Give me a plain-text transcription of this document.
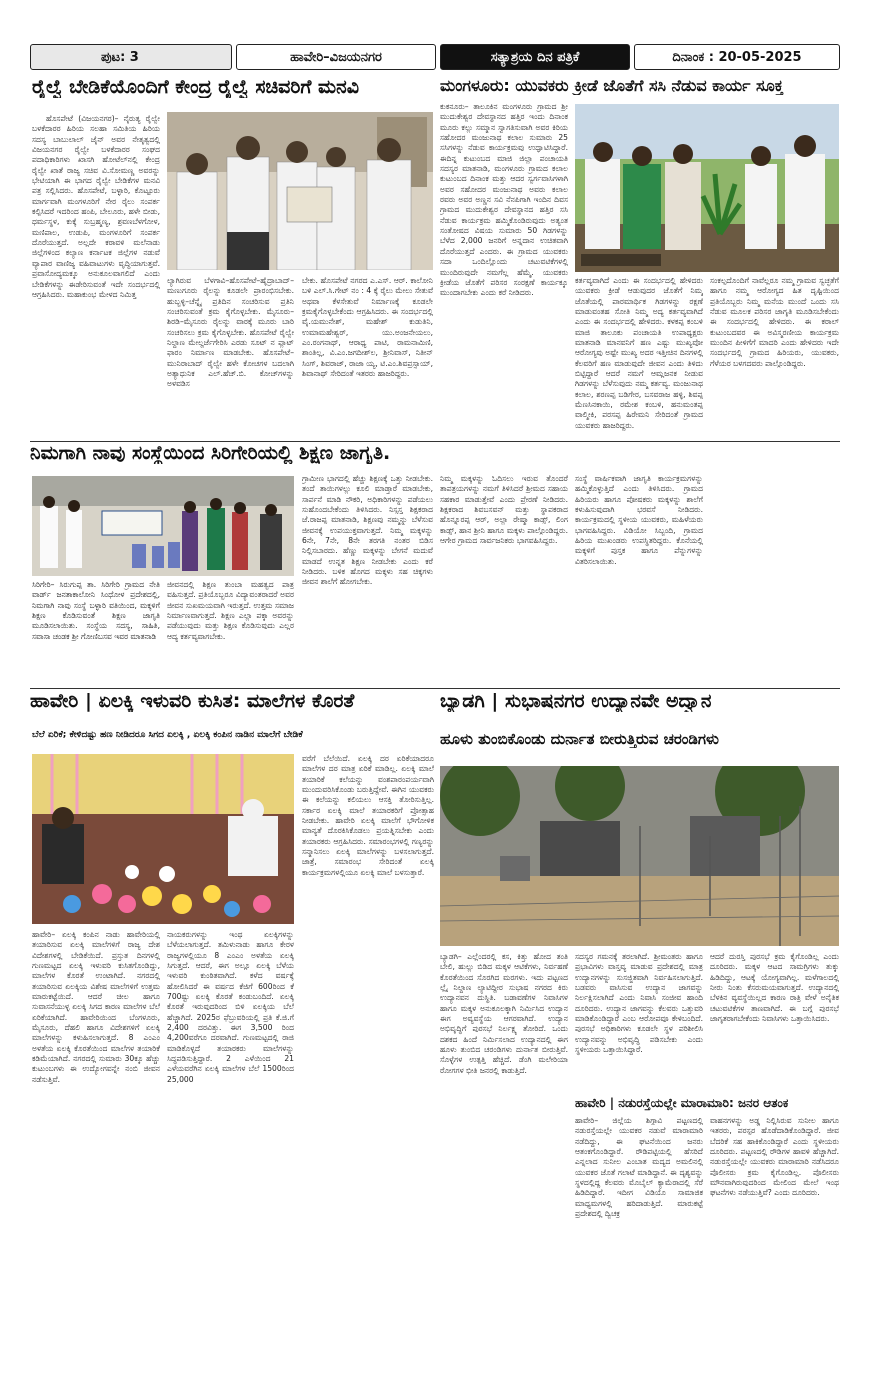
ಪುಟ: 3	ಹಾವೇರಿ–ವಿಜಯನಗರ	ಸತ್ಯಾಶ್ರಯ ದಿನ ಪತ್ರಿಕೆ	ದಿನಾಂಕ : 20-05-2025
ರೈಲ್ವೆ ಬೇಡಿಕೆಯೊಂದಿಗೆ ಕೇಂದ್ರ ರೈಲ್ವೆ ಸಚಿವರಿಗೆ ಮನವಿ
ಹೊಸಪೇಟೆ (ವಿಜಯನಗರ)– ನೈರುತ್ಯ ರೈಲ್ವೇ ಬಳಕೆದಾರರ ಹಿರಿಯ ಸಲಹಾ ಸಮಿತಿಯ ಹಿರಿಯ ಸದಸ್ಯ ಬಾಬುಲಾಲ್ ಜೈನ್ ಅವರ ನೇತೃತ್ವದಲ್ಲಿ ವಿಜಯನಗರ ರೈಲ್ವೇ ಬಳಕೆದಾರರ ಸಂಘದ ಪದಾಧಿಕಾರಿಗಳು ಖಾಸಗಿ ಹೋಟೆಲ್‌ನಲ್ಲಿ ಕೇಂದ್ರ ರೈಲ್ವೇ ಖಾತೆ ರಾಜ್ಯ ಸಚಿವ ವಿ.ಸೋಮಣ್ಣ ಅವರನ್ನು ಭೇಟಿಯಾಗಿ ಈ ಭಾಗದ ರೈಲ್ವೇ ಬೇಡಿಕೆಗಳ ಮನವಿ ಪತ್ರ ಸಲ್ಲಿಸಿದರು. ಹೊಸಪೇಟೆ, ಬಳ್ಳಾರಿ, ಕೊಟ್ಟೂರು ಮಾರ್ಗವಾಗಿ ಮಂಗಳೂರಿಗೆ ನೇರ ರೈಲು ಸಂಪರ್ಕ ಕಲ್ಪಿಸಿದರೆ ಇದರಿಂದ ಹಂಪಿ, ಬೇಲೂರು, ಹಳೇ ಬೀಡು, ಧರ್ಮಸ್ಥಳ, ಕುಕ್ಕೆ ಸುಬ್ರಹ್ಮಣ್ಯ, ಶ್ರವಣಬೆಳಗೋಳ, ಮಣಿಪಾಲ, ಉಡುಪಿ, ಮಂಗಳೂರಿಗೆ ಸಂಪರ್ಕ ದೊರೆಯುತ್ತದೆ. ಅಲ್ಲದೇ ಕರಾವಳಿ ಮಲೆನಾಡು ಜಿಲ್ಲೆಗಳಿಂದ ಕಲ್ಯಾಣ ಕರ್ನಾಟಕ ಜಿಲ್ಲೆಗಳ ನಡುವೆ ವ್ಯಾಪಾರ ವಾಣಿಜ್ಯ ವಹಿವಾಟುಗಳು ವೃದ್ಧಿಯಾಗುತ್ತವೆ. ಪ್ರವಾಸೋದ್ಯಮಕ್ಕೂ ಅನುಕೂಲವಾಗಲಿದೆ ಎಂದು ಬೇಡಿಕೆಗಳನ್ನು ಈಡೇರಿಸುವಂತೆ ಇದೇ ಸಂದರ್ಭದಲ್ಲಿ ಆಗ್ರಹಿಸಿದರು. ಮಹಾಕುಂಭ ಮೇಳದ ನಿಮಿತ್ತ
ಲ್ಯಾಗಿರುವ ಬೆಳಗಾವಿ–ಹೊಸಪೇಟೆ–ಹೈದ್ರಾಬಾದ್–ಮಣುಗೂರು ರೈಲನ್ನು ಕೂಡಲೇ ಪ್ರಾರಂಭಿಸಬೇಕು. ಹುಬ್ಬಳ್ಳಿ–ಚೆನ್ನೈ ಪ್ರತಿದಿನ ಸಂಚರಿಸುವ ಪ್ರತಿನಿ ಸಂಚರಿಸುವಂತೆ ಕ್ರಮ ಕೈಗೊಳ್ಳಬೇಕು. ಮೈಸೂರು–ಶಿರಡಿ–ಮೈಸೂರು ರೈಲನ್ನು ವಾರಕ್ಕೆ ಮೂರು ಬಾರಿ ಸಂಚರಿಸಲು ಕ್ರಮ ಕೈಗೊಳ್ಳಬೇಕು. ಹೊಸಪೇಟೆ ರೈಲ್ವೇ ನಿಲ್ದಾಣ ಮೇಲ್ದರ್ಜೆಗೇರಿಸಿ ಎರಡು ಸೂಟ್‌ ನ ಪ್ಲಾಟ್ ಫಾರಂ ನಿರ್ಮಾಣ ಮಾಡಬೇಕು. ಹೊಸಪೇಟೆ–ಮುನಿರಾಬಾದ್ ರೈಲ್ವೇ ಹಳೇ ಕೋಚಗಳ ಬದಲಾಗಿ ಅತ್ಯಾಧುನಿಕ ಎಲ್.ಹೆಚ್.ಬಿ. ಕೋಚ್‌ಗಳನ್ನು ಅಳವಡಿಸ
ಬೇಕು. ಹೊಸಪೇಟೆ ನಗರದ ಎ.ಎಸ್. ಆರ್. ಕಾಲೋನಿ ಬಳಿ ಎಲ್.ಸಿ.ಗೇಟ್ ನಂ : 4 ಕ್ಕೆ ರೈಲು ಮೇಲು ಸೇತುವೆ ಅಥವಾ ಕೆಳಸೇತುವೆ ನಿರ್ಮಾಣಕ್ಕೆ ಕೂಡಲೇ ಕ್ರಮಕೈಗೊಳ್ಳಬೇಕೆಂದು ಆಗ್ರಹಿಸಿದರು. ಈ ಸಂದರ್ಭದಲ್ಲಿ ವೈ.ಯಮುನೇಶ್, ಮಹೇಶ್ ಕುಡುತಿನಿ, ಉಮಾಮಹೇಶ್ವರ್, ಯು.ಅಂಜನೇಯಲು, ಎಂ.ರಂಗನಾಥ್, ಆರಾಧ್ಯ ಪಾಟಿ, ರಾಮನಾಮಿಣಿ, ಶಾಂತಿಲ್ಲ, ವಿ.ಎಂ.ಜಗದೀಶ್‌ಲ, ಶ್ರೀನಿವಾಸ್, ನಿತೀನ್ ಸಿಂಗ್, ಶಿವರಾಜ್, ರಾಜಾ ಯ್ಯ, ಟಿ.ಎಂ.ಶಿವಪ್ರಸ್ಸಾಯ್, ಶಿವಾನಾಥ್ ಸೇರಿದಂತೆ ಇತರರು ಹಾಜರಿದ್ದರು.
ಮಂಗಳೂರು: ಯುವಕರು ಕ್ರೀಡೆ ಜೊತೆಗೆ ಸಸಿ ನೆಡುವ ಕಾರ್ಯ ಸೂಕ್ತ
ಕುಕನೂರು– ತಾಲೂಕಿನ ಮಂಗಳೂರು ಗ್ರಾಮದ ಶ್ರೀ ಮುದುಕೇಶ್ವರ ದೇವಸ್ಥಾನದ ಹತ್ತಿರ ಇಂದು ದಿನಾಂಕ ಮೂರು ಕಲ್ಲು ಸಮ್ಮಾನ ಸ್ವಾಗತಿಸುವಾಗಿ ಅವರ ಕಿರಿಯ ಸಹೋದರ ಮಂಜುನಾಥ ಕಲಾಲ ಸುಮಾರು 25 ಸಸಿಗಳನ್ನು ನೆಡುವ ಕಾರ್ಯಕ್ರಮವು ಉದ್ಘಾಟಿಸಿದ್ದಾರೆ. ಈದಿನ್ನ ಕುಟುಂಬದ ಮಾಜಿ ಜಿಲ್ಲಾ ಪಂಚಾಯತಿ ಸದಸ್ಯರ ಮಾತನಾಡಿ, ಮಂಗಳೂರು ಗ್ರಾಮದ ಕಲಾಲ ಕುಟುಂಬದ ದಿನಾಂಕ ಮತ್ತು ಆದರ ಸ್ವರ್ಗವಾಸಿಗಳಾಗಿ ಅವರ ಸಹೋದರ ಮಂಜುನಾಥ ಅವರು ಕಲಾಲ ರವರು ಅವರ ಅಣ್ಣನ ಸವಿ ನೆನಪಿಗಾಗಿ ಇಂದಿನ ದಿವಸ ಗ್ರಾಮದ ಮುದುಕೇಶ್ವರ ದೇವಸ್ಥಾನದ ಹತ್ತಿರ ಸಸಿ ನೆಡುವ ಕಾರ್ಯಕ್ರಮ ಹಮ್ಮಿಕೊಂಡಿರುವುದು ಅತ್ಯಂತ ಸಂತೋಷದ ವಿಷಯ ಸುಮಾರು 50 ಗಿಡಗಳನ್ನು ಬೆಳೆದ 2,000 ಜನರಿಗೆ ಅನ್ನದಾನ ಉಚಿತವಾಗಿ ದೊರೆಯುತ್ತದೆ ಎಂದರು. ಈ ಗ್ರಾಮದ ಯುವಕರು ಸದಾ ಒಂದಿಲ್ಲೊಂದು ಚಟುವಟಿಕೆಗಳಲ್ಲಿ ಮುಂದಿರುವುದೇ ನಮಗೆಲ್ಲ ಹೆಮ್ಮೆ. ಯುವಕರು ಕ್ರೀಡೆಯ ಜೊತೆಗೆ ಪರಿಸರ ಸಂರಕ್ಷಣೆ ಕಾರ್ಯಕ್ಕೂ ಮುಂದಾಗಬೇಕು ಎಂದು ಕರೆ ನೀಡಿದರು.
ಕರ್ತವ್ಯವಾಗಿದೆ ಎಂದು ಈ ಸಂದರ್ಭದಲ್ಲಿ ಹೇಳಿದರು ಯುವಕರು ಕ್ರೀಡೆ ಆಡುವುದರ ಜೊತೆಗೆ ನಿಮ್ಮ ಜೊತೆಯಲ್ಲಿ ಪಾರಮಾರ್ಥಿಕ ಗಿಡಗಳನ್ನು ರಕ್ಷಣೆ ಮಾಡುವಂತಹ ಸೋತಿ ನಿಮ್ಮ ಅದ್ಯ ಕರ್ತವ್ಯವಾಗಿದೆ ಎಂದು ಈ ಸಂದರ್ಭದಲ್ಲಿ ಹೇಳಿದರು. ಕಳಕಪ್ಪ ಕಂಬಳಿ ಮಾಜಿ ತಾಲೂಕು ಪಂಚಾಯತಿ ಉಪಾಧ್ಯಕ್ಷರು ಮಾತನಾಡಿ ಮಾನವನಿಗೆ ಹಣ ಎಷ್ಟು ಮುಖ್ಯವೋ ಆರೋಗ್ಯವು ಅಷ್ಟೇ ಮುಖ್ಯ ಅದರ ಇತ್ತೀಚಿನ ದಿನಗಳಲ್ಲಿ ಕೆಲವರಿಗೆ ಹಣ ಮಾಡುವುದೇ ಜೀವನ ಎಂದು ತಿಳಿದು ಬಿಟ್ಟಿದ್ದಾರೆ ಆದರೆ ನಮಗೆ ಆಮ್ಲಜನಕ ನೀಡುವ ಗಿಡಗಳನ್ನು ಬೆಳೆಸುವುದು ನಮ್ಮ ಕರ್ತವ್ಯ. ಮಂಜುನಾಥ ಕಲಾಲ, ಶರಣಪ್ಪ ಬಡಿಗೇರ, ಬಸವರಾಜ ಹಳ್ಳಿ, ಶಿವಪ್ಪ ಮೆಣಸಿನಕಾಯಿ, ರಮೇಶ ಕಂಬಳಿ, ಹನುಮಂತಪ್ಪ ವಾಲ್ಮೀಕಿ, ಪರಸಪ್ಪ ಹಿರೇಮನಿ ಸೇರಿದಂತೆ ಗ್ರಾಮದ ಯುವಕರು ಹಾಜರಿದ್ದರು.
ಸಂಕಲ್ಪದೊಂದಿಗೆ ನಾವೆಲ್ಲರೂ ನಮ್ಮ ಗ್ರಾಮವ ಸ್ವಚ್ಛತೆಗೆ ಹಾಗೂ ನಮ್ಮ ಆರೋಗ್ಯದ ಹಿತ ದೃಷ್ಟಿಯಿಂದ ಪ್ರತಿಯೊಬ್ಬರು ನಿಮ್ಮ ಮನೆಯ ಮುಂದೆ ಒಂದು ಸಸಿ ನೆಡುವ ಮೂಲಕ ಪರಿಸರ ಜಾಗೃತಿ ಮೂಡಿಸಬೇಕೆಂದು ಈ ಸಂದರ್ಭದಲ್ಲಿ ಹೇಳಿದರು. ಈ ಕರಾಲ್ ಕುಟುಂಬದವರ ಈ ಅವಿಸ್ಮರಣೀಯ ಕಾರ್ಯಕ್ರಮ ಮುಂದಿನ ಪೀಳಿಗೆಗೆ ಮಾದರಿ ಎಂದು ಹೇಳಿದರು ಇದೇ ಸಂದರ್ಭದಲ್ಲಿ ಗ್ರಾಮದ ಹಿರಿಯರು, ಯುವಕರು, ಗೆಳೆಯರ ಬಳಗದವರು ಪಾಲ್ಗೊಂಡಿದ್ದರು.
ನಿಮಗಾಗಿ ನಾವು ಸಂಸ್ಥೆಯಿಂದ ಸಿರಿಗೇರಿಯಲ್ಲಿ ಶಿಕ್ಷಣ ಜಾಗೃತಿ.
ಸಿರಿಗೇರಿ– ಸಿರುಗುಪ್ಪ ತಾ. ಸಿರಿಗೇರಿ ಗ್ರಾಮದ ನೇತಿ ವಾರ್ಡ್ ಜನತಾಕಾಲೋನಿ ಸಿಂಧೋಳ ಪ್ರದೇಶದಲ್ಲಿ, ನಿಮಗಾಗಿ ನಾವು ಸಂಸ್ಥೆ ಬಳ್ಳಾರಿ ವತಿಯಿಂದ, ಮಕ್ಕಳಿಗೆ ಶಿಕ್ಷಣ ಕೊಡಿಸುವಂತೆ ಶಿಕ್ಷಣ ಜಾಗೃತಿ ಮೂಡಿಸಲಾಯಿತು. ಸಂಸ್ಥೆಯ ಸದಸ್ಯ, ಸಾಹಿತಿ, ಸವಾಸಾ ಚಂಡಕ ಶ್ರೀ ಗೋಣಿಬಸವ ಇವರ ಮಾತನಾಡಿ
ಜೀವನದಲ್ಲಿ ಶಿಕ್ಷಣ ತುಂಬಾ ಮಹತ್ವದ ಪಾತ್ರ ವಹಿಸುತ್ತದೆ. ಪ್ರತಿಯೊಬ್ಬರೂ ವಿದ್ಯಾವಂತರಾದರೆ ಅವರ ಜೀವನ ಸುಖಮಯವಾಗಿ ಇರುತ್ತದೆ. ಉತ್ತಮ ಸಮಾಜ ನಿರ್ಮಾಣವಾಗುತ್ತದೆ. ಶಿಕ್ಷಣ ಎಲ್ಲಾ ಪಕ್ಕಾ ಅವರನ್ನು ಪಡೆಯುವುದು ಮತ್ತು ಶಿಕ್ಷಣ ಕೊಡಿಸುವುದು ಎಲ್ಲರ ಆದ್ಯ ಕರ್ತವ್ಯವಾಗಬೇಕು.
ಗ್ರಾಮೀಣ ಭಾಗದಲ್ಲಿ ಹೆಚ್ಚು ಶಿಕ್ಷಣಕ್ಕೆ ಒತ್ತು ನೀಡಬೇಕು. ತಂದೆ ತಾಯಿಗಳಲ್ಲು ಕೂಲಿ ಮಾಡ್ತಾರೆ ಮಾಡಬೇಕು, ಸಾರ್ಪನೆ ಮಾಡಿ ನೌಕರಿ, ಅಧಿಕಾರಿಗಳನ್ನು ಪಡೆಯಲು ಸುಹೊಂದಬೇಕೆಂದು ತಿಳಿಸಿದರು. ನಿಸ್ಸಸ್ತ ಶಿಕ್ಷಕರಾದ ಜೆ.ರಾಜಪ್ಪ ಮಾತನಾಡಿ, ಶಿಕ್ಷಣವು ನಮ್ಮನ್ನು ಬೆಳೆಸುವ ಜೀವನಕ್ಕೆ ಉಪಯುಕ್ತವಾಗುತ್ತದೆ. ನಿಮ್ಮ ಮಕ್ಕಳನ್ನು 6ನೇ, 7ನೇ, 8ನೇ ತರಗತಿ ನಂತರ ಬಿಡಿಸ ನಿಲ್ಲಿಸಬಾರದು. ಹೆಣ್ಣು ಮಕ್ಕಳನ್ನು ಬೇಗನೆ ಮದುವೆ ಮಾಡದೆ ಉನ್ನತ ಶಿಕ್ಷಣ ನೀಡಬೇಕು ಎಂದು ಕರೆ ನೀಡಿದರು. ಬಳಿಕ ಹೊಗದ ಮಕ್ಕಳು ಸಹ ಚಿಕ್ಕಗಳು ಜೀವನ ಶಾಲೆಗೆ ಹೋಗಬೇಕು.
ನಿಮ್ಮ ಮಕ್ಕಳನ್ನು ಓದಿಸಲು ಇರುವ ತೊಂದರೆ ತಾಪತ್ರಯಗಳನ್ನು ನಮಗೆ ತಿಳಿಸಿದರೆ ಶ್ರೀಮದ ಸಹಾಯ ಸಹಕಾರ ಮಾಡುತ್ತೇವೆ ಎಂದು ಪ್ರೇರಣೆ ನೀಡಿದರು. ಶಿಕ್ಷಕರಾದ ಶಿವಬಸವನ್ ಮತ್ತು ಸ್ಥಾಪಕರಾದ ಹೊನ್ನೂರಪ್ಪ ಆರ್, ಅಲ್ಲಾ ರೇಷ್ಮಾ ಕಾಡ್ಸ್, ಲಿಂಗ ಕಾಡ್ಸ್, ಹಾನ ಶ್ರೀನಿ ಹಾಗೂ ಮಕ್ಕಳು ಪಾಲ್ಗೊಂಡಿದ್ದರು. ಆಗೇರ ಗ್ರಾಮದ ಸಾರ್ವಜನಿಕರು ಭಾಗವಹಿಸಿದ್ದರು.
ಸಂಸ್ಥೆ ವಾರ್ಷಿಕವಾಗಿ ಜಾಗೃತಿ ಕಾರ್ಯಕ್ರಮಗಳನ್ನು ಹಮ್ಮಿಕೊಳ್ಳುತ್ತಿದೆ ಎಂದು ತಿಳಿಸಿದರು. ಗ್ರಾಮದ ಹಿರಿಯರು ಹಾಗೂ ಪೋಷಕರು ಮಕ್ಕಳನ್ನು ಶಾಲೆಗೆ ಕಳುಹಿಸುವುದಾಗಿ ಭರವಸೆ ನೀಡಿದರು. ಕಾರ್ಯಕ್ರಮದಲ್ಲಿ ಸ್ಥಳೀಯ ಯುವಕರು, ಮಹಿಳೆಯರು ಭಾಗವಹಿಸಿದ್ದರು. ವಿಡಿಯೋ ಸಿಬ್ಬಂದಿ, ಗ್ರಾಮದ ಹಿರಿಯ ಮುಖಂಡರು ಉಪಸ್ಥಿತರಿದ್ದರು. ಕೊನೆಯಲ್ಲಿ ಮಕ್ಕಳಿಗೆ ಪುಸ್ತಕ ಹಾಗೂ ಪೆನ್ನುಗಳನ್ನು ವಿತರಿಸಲಾಯಿತು.
ಹಾವೇರಿ | ಏಲಕ್ಕಿ ಇಳುವರಿ ಕುಸಿತ: ಮಾಲೆಗಳ ಕೊರತೆ
ಬೆಲೆ ಏರಿಕೆ; ಕೇಳಿದಷ್ಟು ಹಣ ನೀಡಿದರೂ ಸಿಗದ ಏಲಕ್ಕಿ , ಏಲಕ್ಕಿ ಕಂಪಿನ ನಾಡಿನ ಮಾಲೆಗೆ ಬೇಡಿಕೆ
ಹಾವೇರಿ– ಏಲಕ್ಕಿ ಕಂಪಿನ ನಾಡು ಹಾವೇರಿಯಲ್ಲಿ ತಯಾರಿಸುವ ಏಲಕ್ಕಿ ಮಾಲೆಗಳಿಗೆ ರಾಜ್ಯ ದೇಶ ವಿದೇಶಗಳಲ್ಲಿ ಬೇಡಿಕೆಯಿದೆ. ಪ್ರಸ್ತುತ ದಿನಗಳಲ್ಲಿ ಗುಣಮಟ್ಟದ ಏಲಕ್ಕಿ ಇಳುವರಿ ಕುಸಿತಗೊಂಡಿದ್ದು, ಮಾಲೆಗಳ ಕೊರತೆ ಉಂಟಾಗಿದೆ. ನಗರದಲ್ಲಿ ತಯಾರಿಸುವ ಏಲಕ್ಕಿಯ ವಿಶೇಷ ಮಾಲೆಗಳಿಗೆ ಉತ್ತಮ ಮಾರುಕಟ್ಟೆಯಿದೆ. ಆದರೆ ಚೀಲ ಹಾಗೂ ಸುವಾಸನೆಯುಳ್ಳ ಏಲಕ್ಕಿ ಸಿಗದ ಕಾರಣ ಮಾಲೆಗಳ ಬೆಲೆ ಏರಿಕೆಯಾಗಿದೆ. ಹಾವೇರಿಯಿಂದ ಬೆಂಗಳೂರು, ಮೈಸೂರು, ದೆಹಲಿ ಹಾಗೂ ವಿದೇಶಗಳಿಗೆ ಏಲಕ್ಕಿ ಮಾಲೆಗಳನ್ನು ಕಳುಹಿಸಲಾಗುತ್ತದೆ. 8 ಎಂಎಂ ಅಳತೆಯ ಏಲಕ್ಕಿ ಕೊರತೆಯಿಂದ ಮಾಲೆಗಳ ತಯಾರಿಕೆ ಕಡಿಮೆಯಾಗಿದೆ. ನಗರದಲ್ಲಿ ಸುಮಾರು 30ಕ್ಕೂ ಹೆಚ್ಚು ಕುಟುಂಬಗಳು ಈ ಉದ್ಯೋಗವನ್ನೇ ನಂಬಿ ಜೀವನ ನಡೆಸುತ್ತಿವೆ.
ನಾಯಕರುಗಳನ್ನು ಇಂಥ ಏಲಕ್ಕಿಗಳನ್ನು ಬೆಳೆಯಲಾಗುತ್ತದೆ. ತಮಿಳುನಾಡು ಹಾಗೂ ಕೇರಳ ರಾಜ್ಯಗಳಲ್ಲಿಯೂ 8 ಎಂಎಂ ಅಳತೆಯ ಏಲಕ್ಕಿ ಸಿಗುತ್ತದೆ. ಆದರೆ, ಈಗ ಅಲ್ಲೂ ಏಲಕ್ಕಿ ಬೆಳೆಯ ಇಳುವರಿ ಕುಂಠಿತವಾಗಿದೆ. ಕಳೆದ ವರ್ಷಕ್ಕೆ ಹೋಲಿಸಿದರೆ ಈ ವರ್ಷದ ಕೆಜಿಗೆ 600ರಿಂದ ಕೆ 700ಷ್ಟು ಏಲಕ್ಕಿ ಕೊರತೆ ಕಂಡುಬಂದಿದೆ. ಏಲಕ್ಕಿ ಕೊರತೆ ಇರುವುದರಿಂದ ಬಿಳಿ ಏಲಕ್ಕಿಯ ಬೆಲೆ ಹೆಚ್ಚಾಗಿದೆ. 2025ರ ಫೆಬ್ರುವರಿಯಲ್ಲಿ ಪ್ರತಿ ಕೆ.ಜಿ.ಗೆ 2,400 ದರವಿತ್ತು. ಈಗ 3,500 ರಿಂದ 4,200ವರೆಗೂ ದರವಾಗಿದೆ. ಗುಣಮಟ್ಟದಲ್ಲಿ ರಾಜಿ ಮಾಡಿಕೊಳ್ಳದೆ ತಯಾರಕರು ಮಾಲೆಗಳನ್ನು ಸಿದ್ಧಪಡಿಸುತ್ತಿದ್ದಾರೆ. 2 ಎಳೆಯಿಂದ 21 ಎಳೆಯವರೆಗಿನ ಏಲಕ್ಕಿ ಮಾಲೆಗಳ ಬೆಲೆ 1500ರಿಂದ 25,000
ವರೆಗೆ ಬೆಲೆಯಿದೆ. ಏಲಕ್ಕಿ ದರ ಏರಿಕೆಯಾದರೂ ಮಾಲೆಗಳ ದರ ಮಾತ್ರ ಏರಿಕೆ ಮಾಡಿಲ್ಲ. ಏಲಕ್ಕಿ ಮಾಲೆ ತಯಾರಿಕೆ ಕಲೆಯನ್ನು ವಂಶಪಾರಂಪರ್ಯವಾಗಿ ಮುಂದುವರಿಸಿಕೊಂಡು ಬರುತ್ತಿದ್ದೇವೆ. ಈಗಿನ ಯುವಕರು ಈ ಕಲೆಯನ್ನು ಕಲಿಯಲು ಆಸಕ್ತಿ ತೋರಿಸುತ್ತಿಲ್ಲ. ಸರ್ಕಾರ ಏಲಕ್ಕಿ ಮಾಲೆ ತಯಾರಕರಿಗೆ ಪ್ರೋತ್ಸಾಹ ನೀಡಬೇಕು. ಹಾವೇರಿ ಏಲಕ್ಕಿ ಮಾಲೆಗೆ ಭೌಗೋಳಿಕ ಮಾನ್ಯತೆ ದೊರಕಿಸಿಕೊಡಲು ಪ್ರಯತ್ನಿಸಬೇಕು ಎಂದು ತಯಾರಕರು ಆಗ್ರಹಿಸಿದರು. ಸಮಾರಂಭಗಳಲ್ಲಿ ಗಣ್ಯರನ್ನು ಸನ್ಮಾನಿಸಲು ಏಲಕ್ಕಿ ಮಾಲೆಗಳನ್ನು ಬಳಸಲಾಗುತ್ತದೆ. ಜಾತ್ರೆ, ಸಮಾರಂಭ ಸೇರಿದಂತೆ ಏಲಕ್ಕಿ ಕಾರ್ಯಕ್ರಮಗಳಲ್ಲಿಯೂ ಏಲಕ್ಕಿ ಮಾಲೆ ಬಳಸುತ್ತಾರೆ.
ಬ್ಯಾಡಗಿ | ಸುಭಾಷನಗರ ಉದ್ಯಾನವೇ ಅದ್ವಾನ
ಹೂಳು ತುಂಬಿಕೊಂಡು ದುರ್ನಾತ ಬೀರುತ್ತಿರುವ ಚರಂಡಿಗಳು
ಬ್ಯಾಡಗಿ– ಎಲ್ಲೆಂದರಲ್ಲಿ ಕಸ, ಕಿತ್ತು ಹೋದ ತಂತಿ ಬೇಲಿ, ಹುಲ್ಲು ಬಿಡಿದ ಮಕ್ಕಳ ಆಟಿಕೆಗಳು, ನಿರ್ವಹಣೆ ಕೊರತೆಯಿಂದ ಸೊರಗಿದ ಮರಗಳು. ಇದು ಪಟ್ಟಣದ ಲ್ಲೈ ನಿಲ್ದಾಣ ಲ್ಯಾಟಿದ್ದೀರ ಸುಭಾಷ ನಗರದ ಕಿರು ಉದ್ಯಾನವನ ದುಸ್ಥಿತಿ. ಬಡಾವಣೆಗಳ ನಿವಾಸಿಗಳ ಹಾಗೂ ಮಕ್ಕಳ ಅನುಕೂಲಕ್ಕಾಗಿ ನಿರ್ಮಿಸಿದ ಉದ್ಯಾನ ಈಗ ಅವ್ಯವಸ್ಥೆಯ ಆಗರವಾಗಿದೆ. ಉದ್ಯಾನ ಅಭಿವೃದ್ಧಿಗೆ ಪುರಸಭೆ ನಿರ್ಲಕ್ಷ್ಯ ತೋರಿದೆ. ಒಂದು ದಶಕದ ಹಿಂದೆ ನಿರ್ಮಿಸಲಾದ ಉದ್ಯಾನದಲ್ಲಿ ಈಗ ಹೂಳು ತುಂಬಿದ ಚರಂಡಿಗಳು ದುರ್ನಾತ ಬೀರುತ್ತಿವೆ. ಸೊಳ್ಳೆಗಳ ಉತ್ಪತ್ತಿ ಹೆಚ್ಚಿದೆ. ಡೆಂಗಿ ಮಲೇರಿಯಾ ರೋಗಗಳ ಭೀತಿ ಜನರಲ್ಲಿ ಕಾಡುತ್ತಿದೆ.
ಸದಸ್ಯರ ಗಮನಕ್ಕೆ ತರಲಾಗಿದೆ. ಶ್ರೀಮಂತರು ಹಾಗೂ ಪ್ರಭಾವಿಗಳು ವಾಸ್ತವ್ಯ ಮಾಡುವ ಪ್ರದೇಶದಲ್ಲಿ ಮಾತ್ರ ಉದ್ಯಾನಗಳನ್ನು ಸುಸಜ್ಜಿತವಾಗಿ ನಿರ್ವಹಿಸಲಾಗುತ್ತಿದೆ. ಬಡವರು ವಾಸಿಸುವ ಉದ್ಯಾನ ಜಾಗವನ್ನು ನಿರ್ಲಕ್ಷಿಸಲಾಗಿದೆ ಎಂದು ನಿವಾಸಿ ಸಂಜೀವ ಹಾಂದಿ ದೂರಿದರು. ಉದ್ಯಾನ ಜಾಗವನ್ನು ಕೆಲವರು ಒತ್ತುವರಿ ಮಾಡಿಕೊಂಡಿದ್ದಾರೆ ಎಂಬ ಆರೋಪವೂ ಕೇಳಿಬಂದಿದೆ. ಪುರಸಭೆ ಅಧಿಕಾರಿಗಳು ಕೂಡಲೇ ಸ್ಥಳ ಪರಿಶೀಲಿಸಿ ಉದ್ಯಾನವನ್ನು ಅಭಿವೃದ್ಧಿ ಪಡಿಸಬೇಕು ಎಂದು ಸ್ಥಳೀಯರು ಒತ್ತಾಯಿಸಿದ್ದಾರೆ.
ಆದರೆ ದುರಸ್ತಿ ಪುರಸಭೆ ಕ್ರಮ ಕೈಗೊಂಡಿಲ್ಲ ಎಂದು ದೂರಿದರು. ಮಕ್ಕಳ ಆಟದ ಸಾಮಗ್ರಿಗಳು ತುಕ್ಕು ಹಿಡಿದಿದ್ದು, ಆಟಕ್ಕೆ ಯೋಗ್ಯವಾಗಿಲ್ಲ. ಮಳೆಗಾಲದಲ್ಲಿ ನೀರು ನಿಂತು ಕೆಸರುಮಯವಾಗುತ್ತದೆ. ಉದ್ಯಾನದಲ್ಲಿ ಬೆಳಕಿನ ವ್ಯವಸ್ಥೆಯಿಲ್ಲದ ಕಾರಣ ರಾತ್ರಿ ವೇಳೆ ಅನೈತಿಕ ಚಟುವಟಿಕೆಗಳ ತಾಣವಾಗಿದೆ. ಈ ಬಗ್ಗೆ ಪುರಸಭೆ ಜಾಗೃತರಾಗಬೇಕೆಂದು ನಿವಾಸಿಗಳು ಒತ್ತಾಯಿಸಿದರು.
ಹಾವೇರಿ | ನಡುರಸ್ತೆಯಲ್ಲೇ ಮಾರಾಮಾರಿ: ಜನರ ಆತಂಕ
ಹಾವೇರಿ– ಜಿಲ್ಲೆಯ ಶಿಗ್ಗಾವಿ ಪಟ್ಟಣದಲ್ಲಿ ನಡುರಸ್ತೆಯಲ್ಲೇ ಯುವಕರ ನಡುವೆ ಮಾರಾಮಾರಿ ನಡೆದಿದ್ದು, ಈ ಘಟನೆಯಿಂದ ಜನರು ಆತಂಕಗೊಂಡಿದ್ದಾರೆ. ರೌಡಿಪಟ್ಟಿಯಲ್ಲಿ ಹೆಸರಿದೆ ಎನ್ನಲಾದ ಸುನೀಲ ಎಂಬಾತ ಮದ್ಯದ ಅಮಲಿನಲ್ಲಿ ಯುವಕರ ಜೊತೆ ಗಲಾಟೆ ಮಾಡಿದ್ದಾನೆ. ಈ ದೃಶ್ಯವನ್ನು ಸ್ಥಳದಲ್ಲಿದ್ದ ಕೆಲವರು ಮೊಬೈಲ್ ಕ್ಯಾಮೆರಾದಲ್ಲಿ ಸೆರೆ ಹಿಡಿದಿದ್ದಾರೆ. ಇದೀಗ ವಿಡಿಯೊ ಸಾಮಾಜಿಕ ಮಾಧ್ಯಮಗಳಲ್ಲಿ ಹರಿದಾಡುತ್ತಿದೆ. ಮಾರುಕಟ್ಟೆ ಪ್ರದೇಶದಲ್ಲಿ ದ್ವಿಚಕ್ರ
ವಾಹನಗಳನ್ನು ಅಡ್ಡ ನಿಲ್ಲಿಸಿರುವ ಸುನೀಲ ಹಾಗೂ ಇತರರು, ಪರಸ್ಪರ ಹೊಡೆದಾಡಿಕೊಂಡಿದ್ದಾರೆ. ಜೀವ ಬೆದರಿಕೆ ಸಹ ಹಾಕಿಕೊಂಡಿದ್ದಾರೆ ಎಂದು ಸ್ಥಳೀಯರು ದೂರಿದರು. ಪಟ್ಟಣದಲ್ಲಿ ರೌಡಿಗಳ ಹಾವಳಿ ಹೆಚ್ಚಾಗಿದೆ. ನಡುರಸ್ತೆಯಲ್ಲೇ ಯುವಕರು ಮಾರಾಮಾರಿ ನಡೆಸಿದರೂ ಪೊಲೀಸರು ಕ್ರಮ ಕೈಗೊಂಡಿಲ್ಲ. ಪೊಲೀಸರು ಮೌನವಾಗಿರುವುದರಿಂದ ಮೇಲಿಂದ ಮೇಲೆ ಇಂಥ ಘಟನೆಗಳು ನಡೆಯುತ್ತಿವೆ? ಎಂದು ದೂರಿದರು.
